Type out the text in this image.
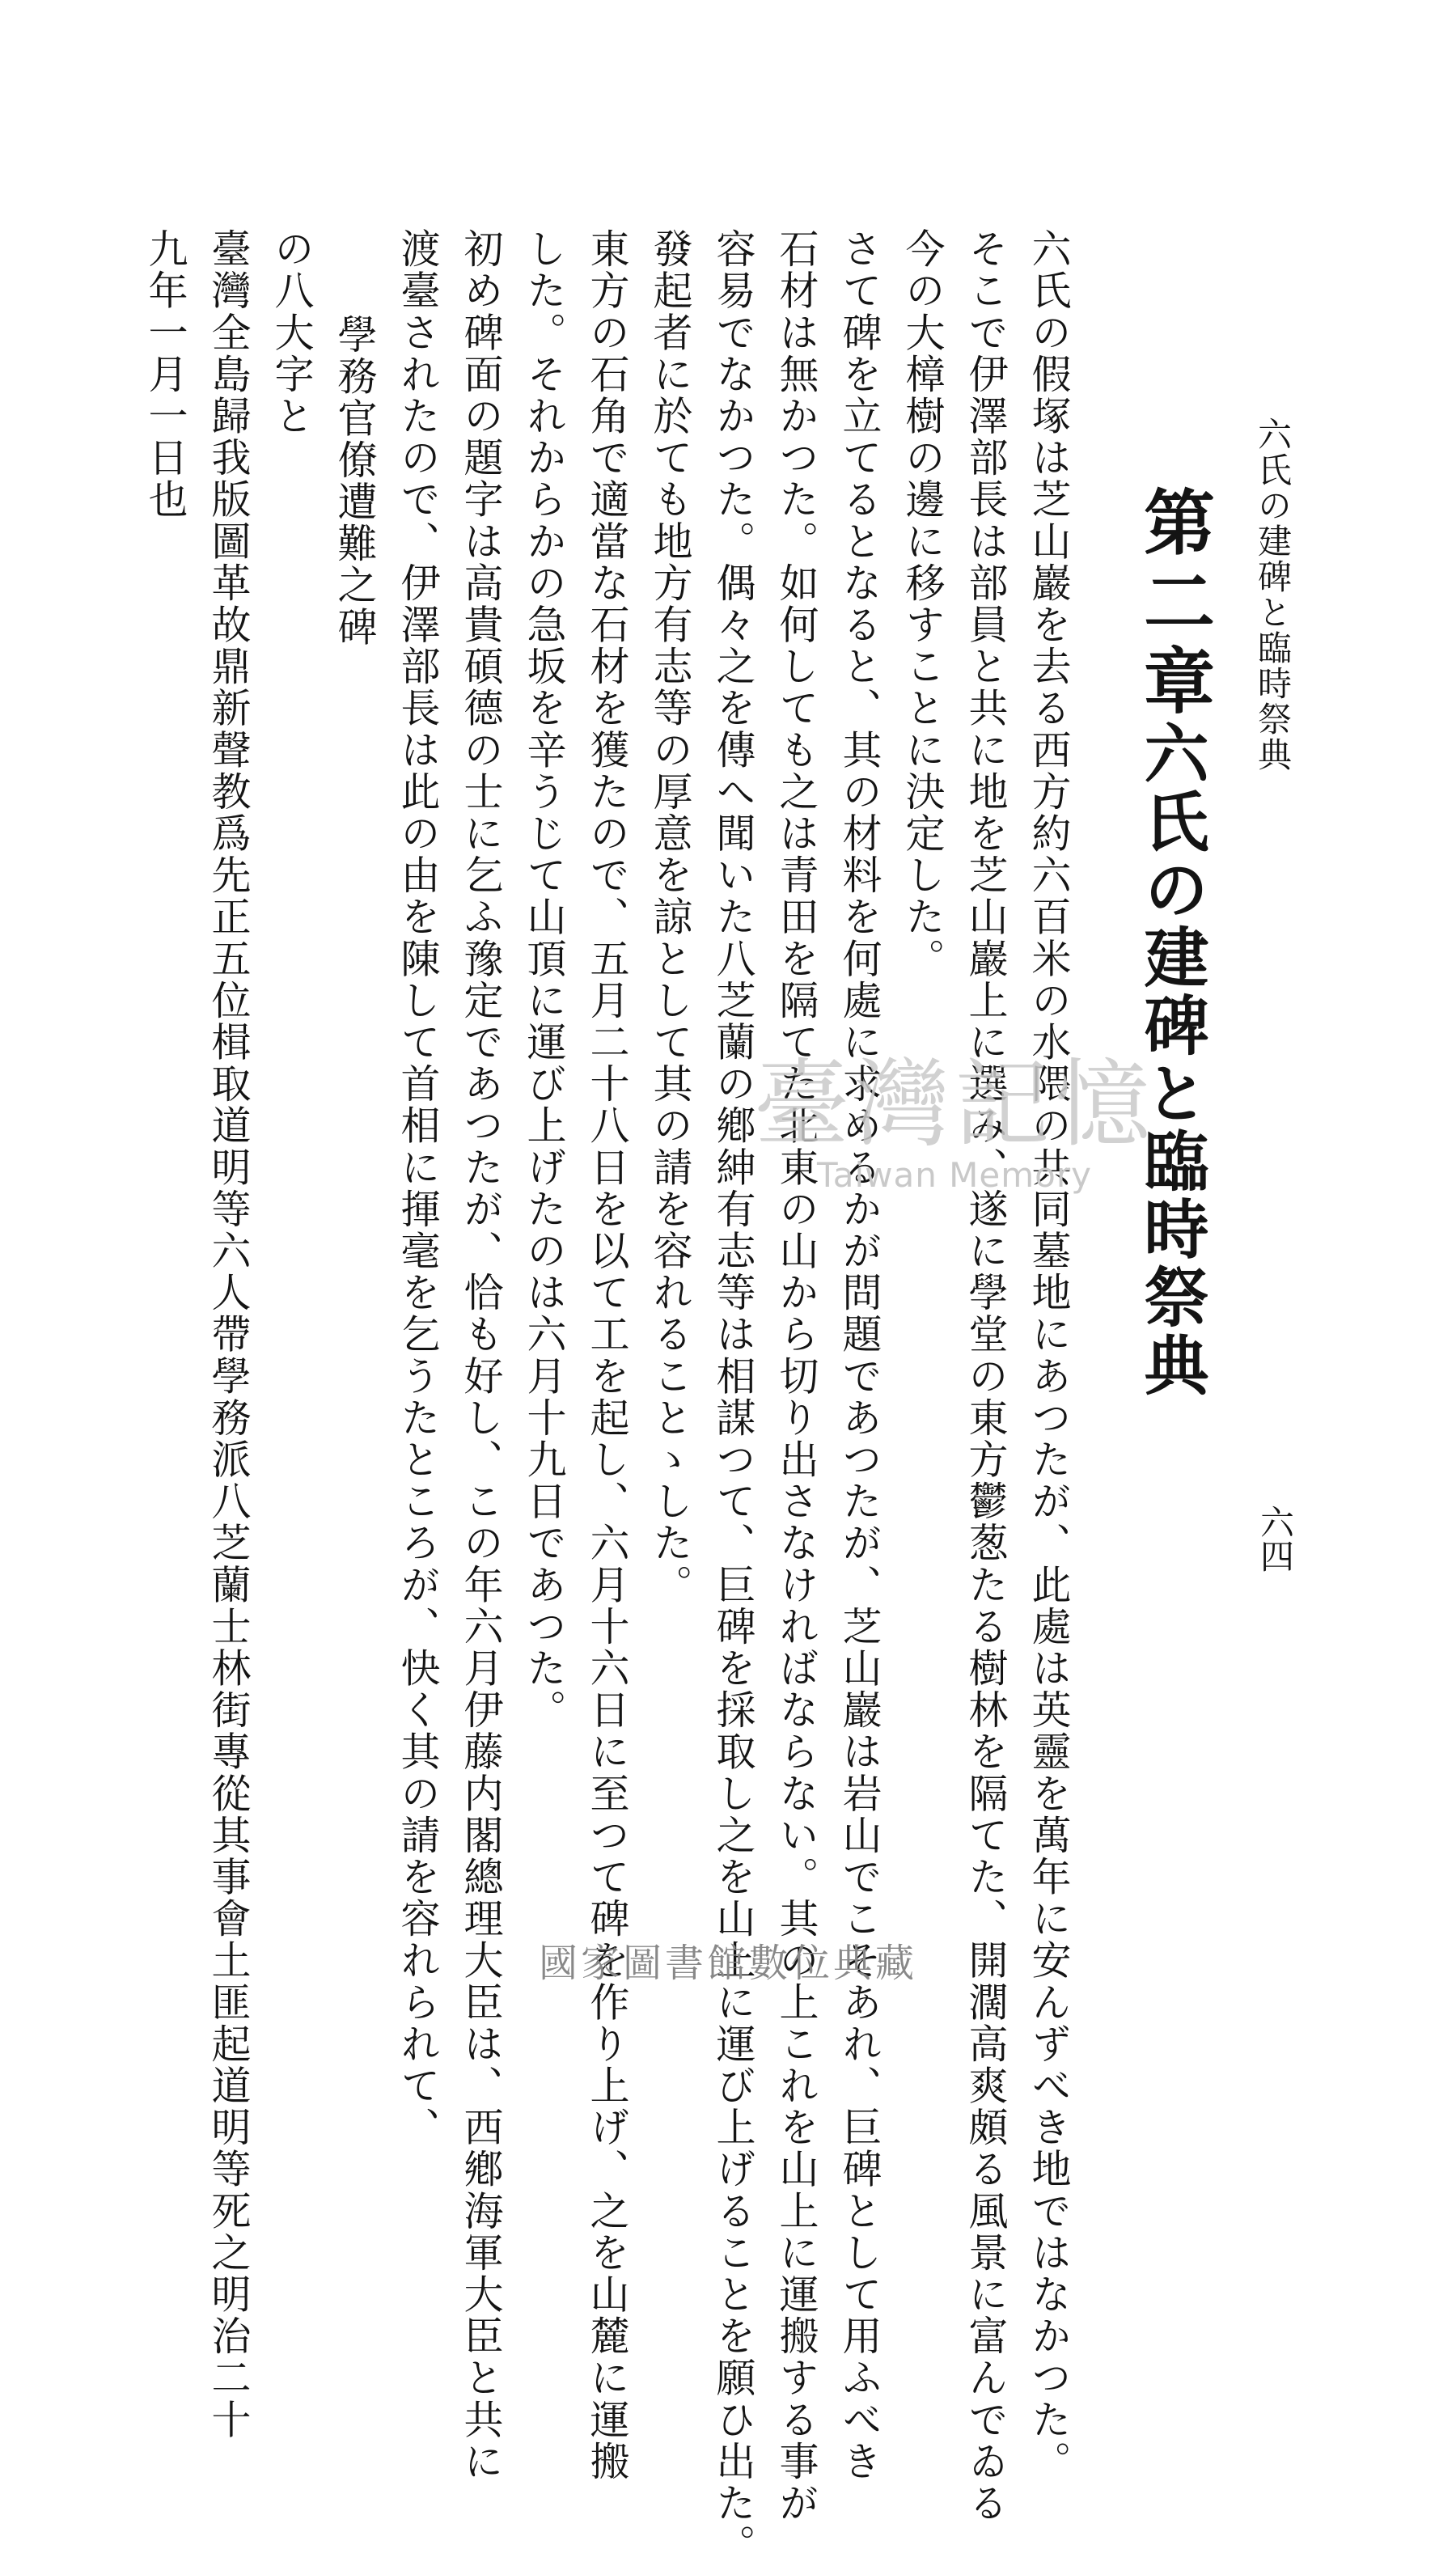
六氏の建碑と臨時祭典
六四
第二章
六氏の建碑と臨時祭典
六氏の假塚は芝山巖を去る西方約六百米の水隈の共同墓地にあつたが、此處は英靈を萬年に安んずべき地ではなかつた。
そこで伊澤部長は部員と共に地を芝山巖上に選み、遂に學堂の東方鬱葱たる樹林を隔てた、開濶高爽頗る風景に富んでゐる
今の大樟樹の邊に移すことに決定した。
さて碑を立てるとなると、其の材料を何處に求めるかが問題であつたが、芝山巖は岩山でこそあれ、巨碑として用ふべき
石材は無かつた。如何しても之は青田を隔てた北東の山から切り出さなければならない。其の上これを山上に運搬する事が
容易でなかつた。偶々之を傳へ聞いた八芝蘭の鄕紳有志等は相謀つて、巨碑を採取し之を山上に運び上げることを願ひ出た。
發起者に於ても地方有志等の厚意を諒として其の請を容れることゝした。
東方の石角で適當な石材を獲たので、五月二十八日を以て工を起し、六月十六日に至つて碑を作り上げ、之を山麓に運搬
した。それからかの急坂を辛うじて山頂に運び上げたのは六月十九日であつた。
初め碑面の題字は高貴碩德の士に乞ふ豫定であつたが、恰も好し、この年六月伊藤内閣總理大臣は、西鄕海軍大臣と共に
渡臺されたので、伊澤部長は此の由を陳して首相に揮毫を乞うたところが、快く其の請を容れられて、
學務官僚遭難之碑
の八大字と
臺灣全島歸我版圖革故鼎新聲教爲先正五位楫取道明等六人帶學務派八芝蘭士林街專從其事會土匪起道明等死之明治二十
九年一月一日也
臺灣記憶
Taiwan Memory
國家圖書館數位典藏
